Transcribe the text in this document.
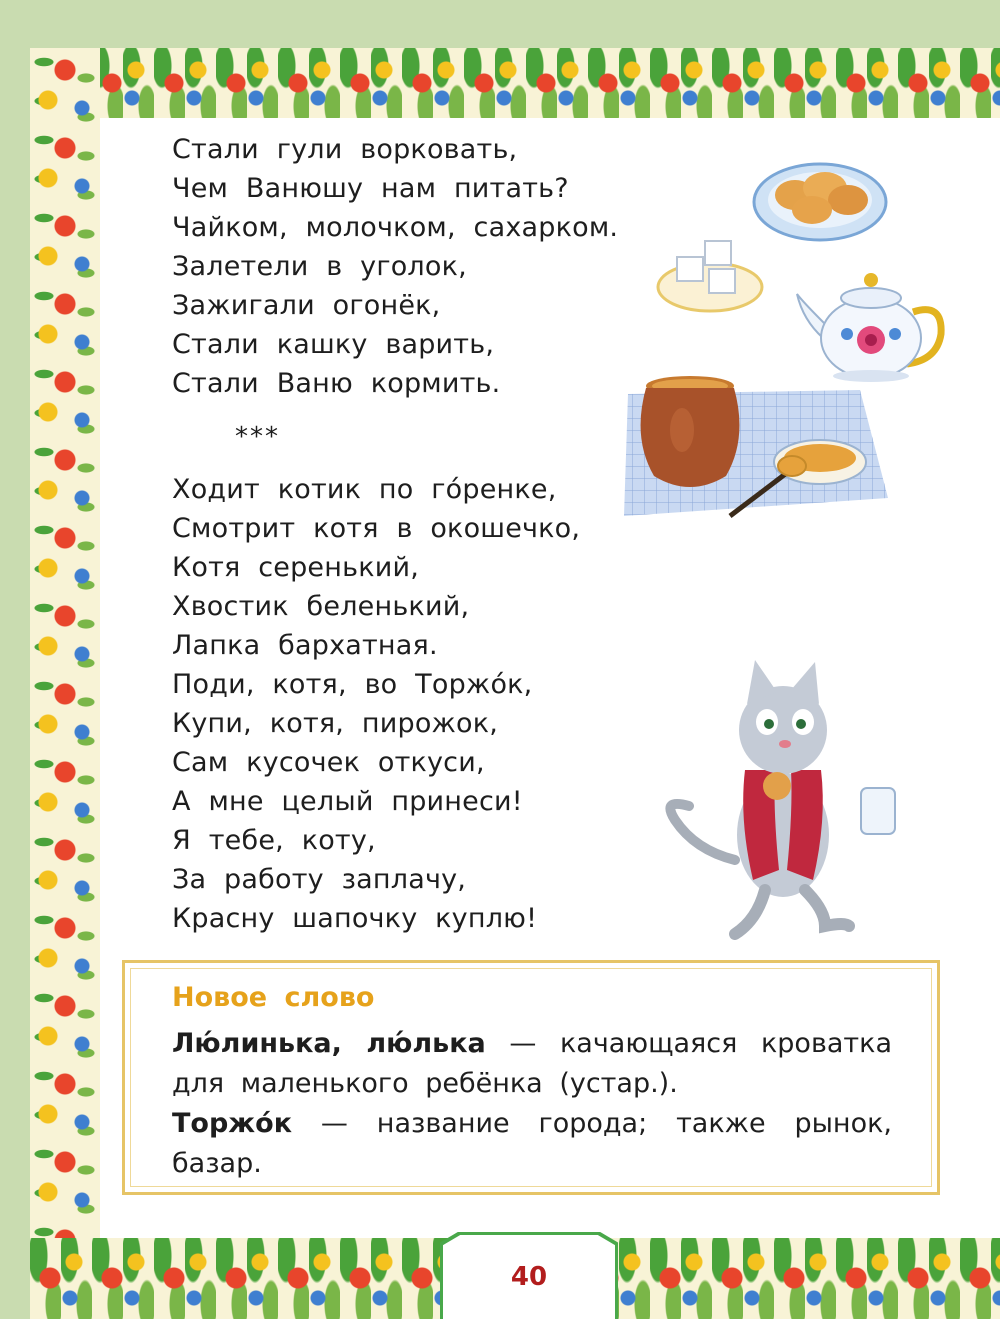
Стали гули ворковать,
Чем Ванюшу нам питать?
Чайком, молочком, сахарком.
Залетели в уголок,
Зажигали огонёк,
Стали кашку варить,
Стали Ваню кормить.
***
Ходит котик по гóренке,
Смотрит котя в окошечко,
Котя серенький,
Хвостик беленький,
Лапка бархатная.
Поди, котя, во Торжóк,
Купи, котя, пирожок,
Сам кусочек откуси,
А мне целый принеси!
Я тебе, коту,
За работу заплачу,
Красну шапочку куплю!
Новое слово
Лю́линька, лю́лька — качающаяся кроватка для маленького ребёнка (устар.).
Торжóк — название города; также рынок, базар.
40
